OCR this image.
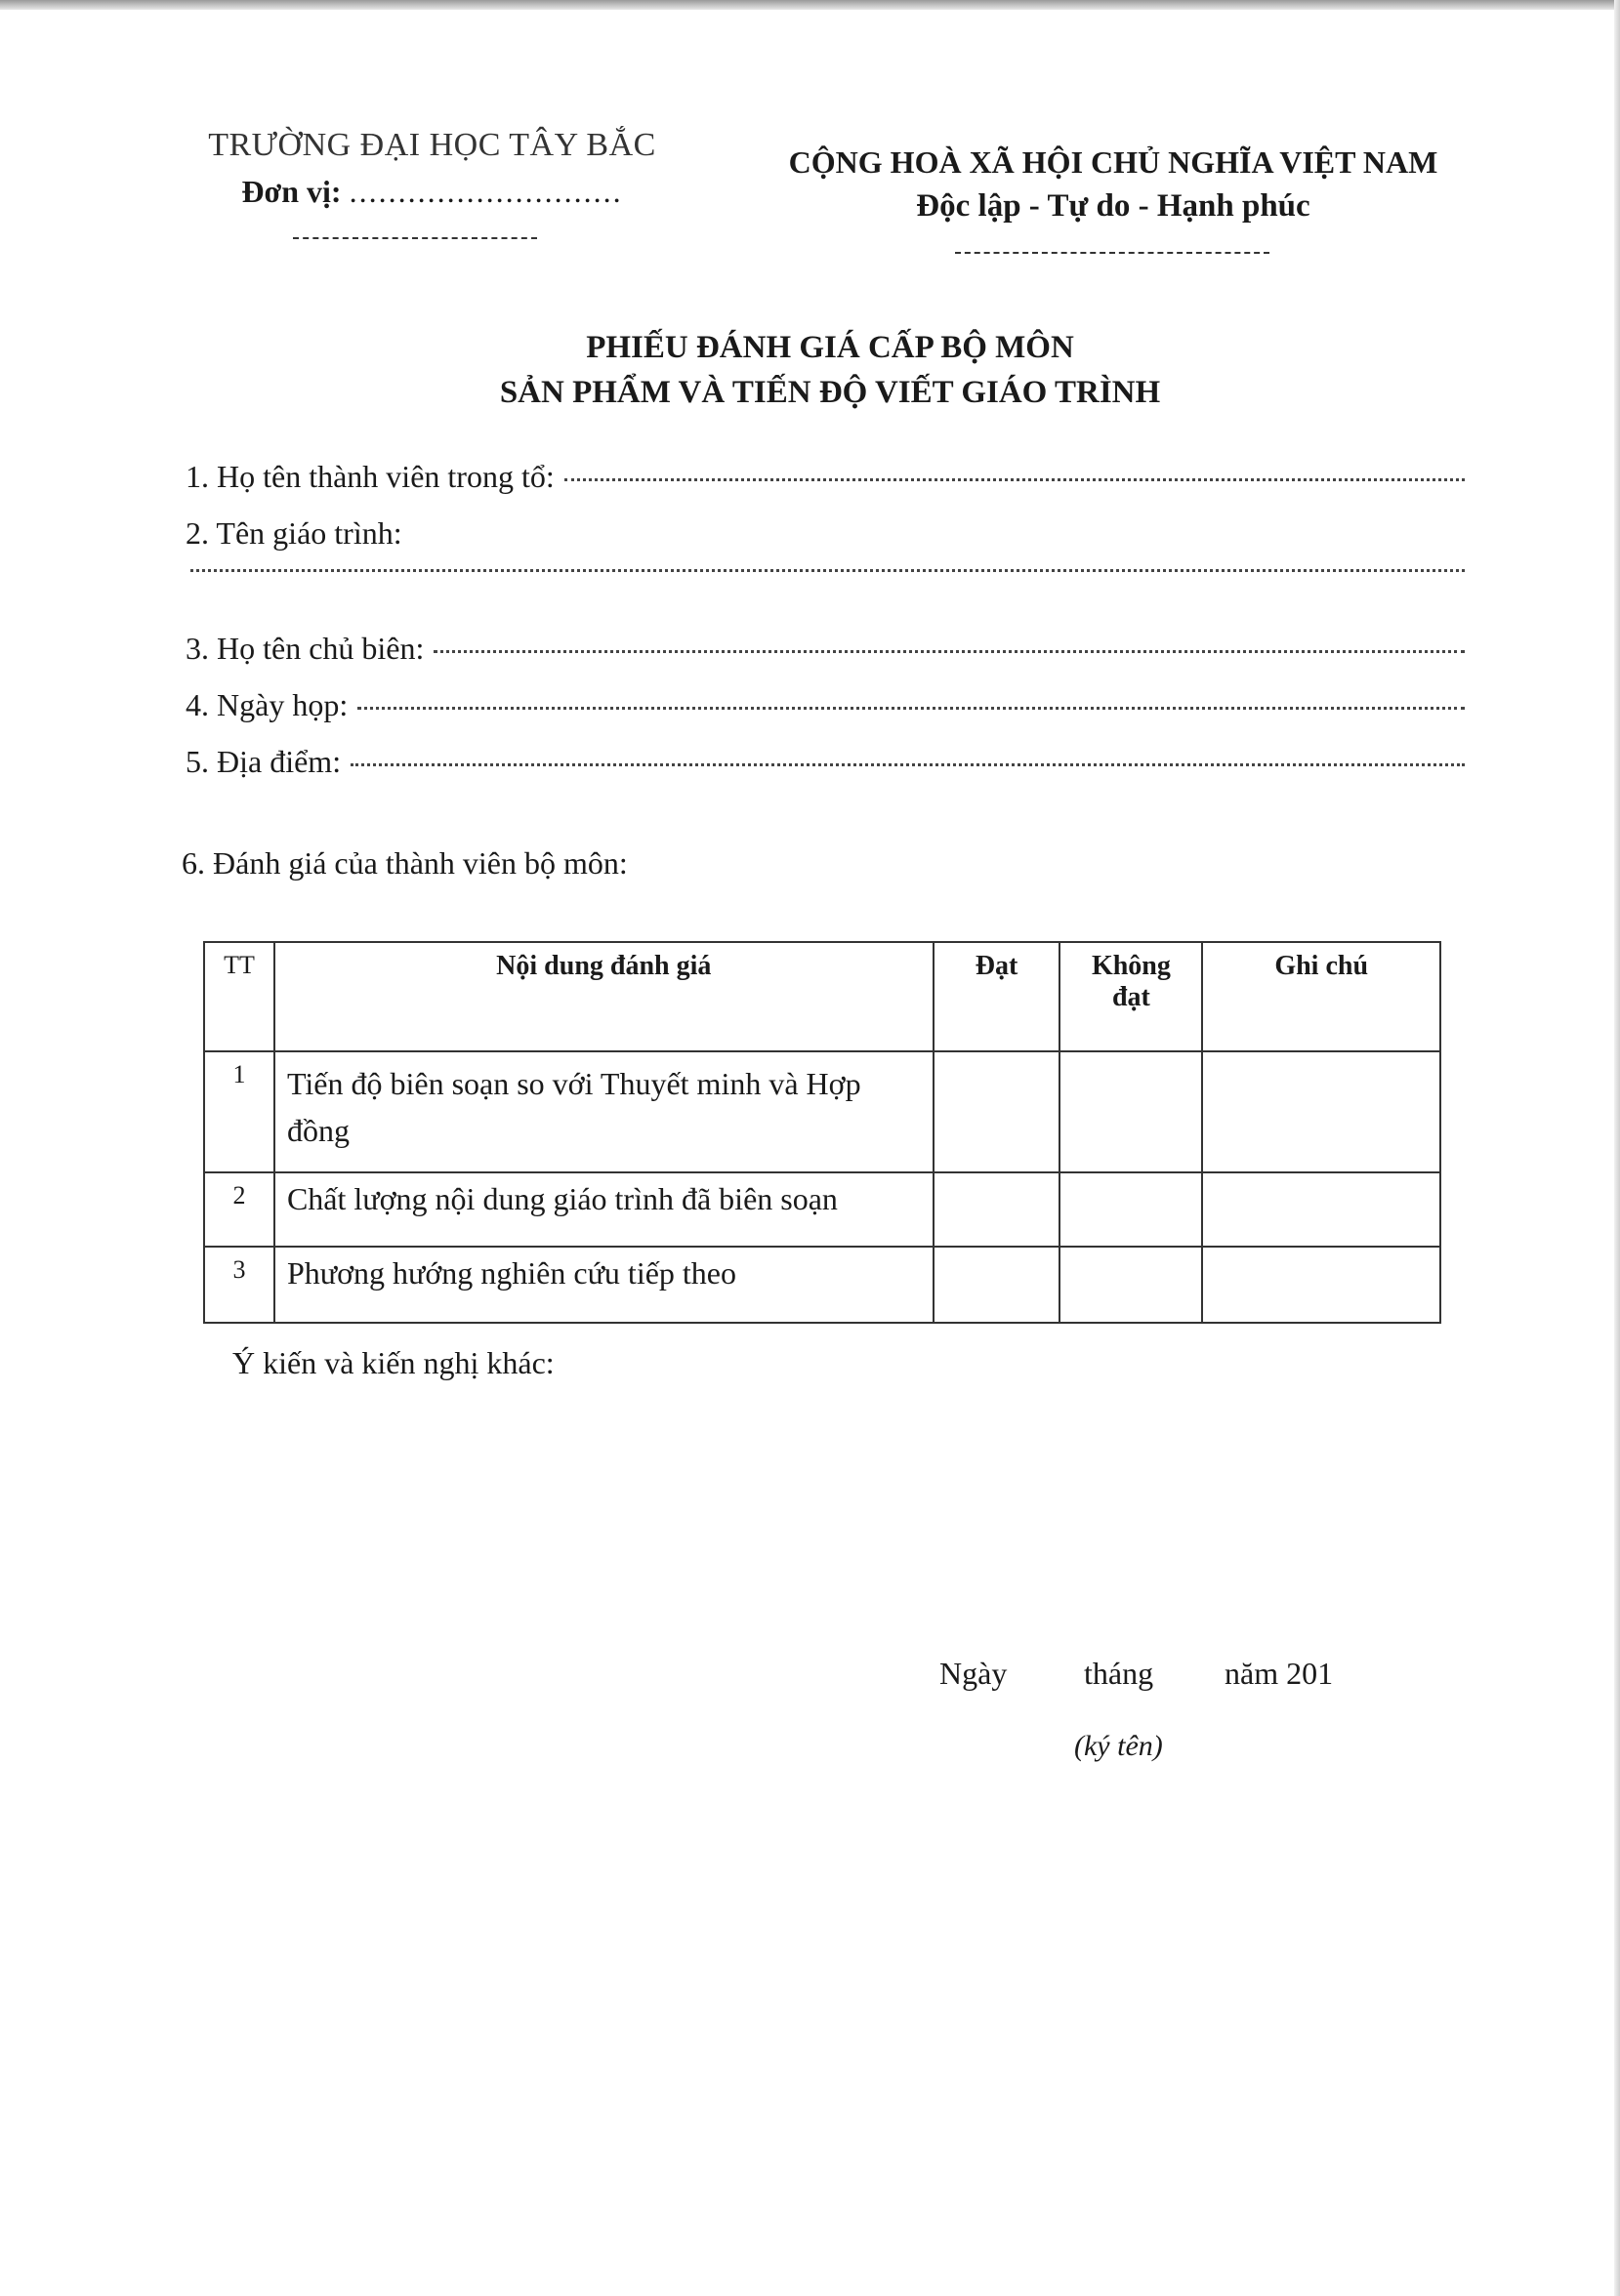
TRƯỜNG ĐẠI HỌC TÂY BẮC
Đơn vị: ............................
CỘNG HOÀ XÃ HỘI CHỦ NGHĨA VIỆT NAM
Độc lập - Tự do - Hạnh phúc
PHIẾU ĐÁNH GIÁ CẤP BỘ MÔN
SẢN PHẨM VÀ TIẾN ĐỘ VIẾT GIÁO TRÌNH
1. Họ tên thành viên trong tổ:
2. Tên giáo trình:
3. Họ tên chủ biên:
4. Ngày họp:
5. Địa điểm:
6. Đánh giá của thành viên bộ môn:
TT	Nội dung đánh giá	Đạt	Không đạt	Ghi chú
1	Tiến độ biên soạn so với Thuyết minh và Hợp đồng			
2	Chất lượng nội dung giáo trình đã biên soạn			
3	Phương hướng nghiên cứu tiếp theo			
Ý kiến và kiến nghị khác:
Ngày tháng năm 201
(ký tên)
